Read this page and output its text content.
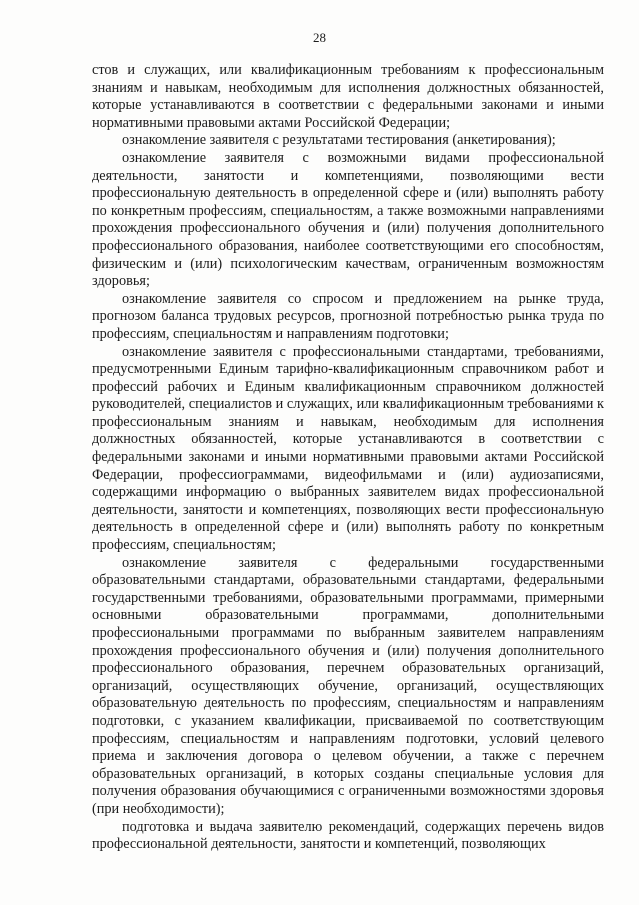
28

стов и служащих, или квалификационным требованиям к профессиональным знаниям и навыкам, необходимым для исполнения должностных обязанностей, которые устанавливаются в соответствии с федеральными законами и иными нормативными правовыми актами Российской Федерации;

ознакомление заявителя с результатами тестирования (анкетирования);

ознакомление заявителя с возможными видами профессиональной деятельности, занятости и компетенциями, позволяющими вести профессиональную деятельность в определенной сфере и (или) выполнять работу по конкретным профессиям, специальностям, а также возможными направлениями прохождения профессионального обучения и (или) получения дополнительного профессионального образования, наиболее соответствующими его способностям, физическим и (или) психологическим качествам, ограниченным возможностям здоровья;

ознакомление заявителя со спросом и предложением на рынке труда, прогнозом баланса трудовых ресурсов, прогнозной потребностью рынка труда по профессиям, специальностям и направлениям подготовки;

ознакомление заявителя с профессиональными стандартами, требованиями, предусмотренными Единым тарифно-квалификационным справочником работ и профессий рабочих и Единым квалификационным справочником должностей руководителей, специалистов и служащих, или квалификационным требованиями к профессиональным знаниям и навыкам, необходимым для исполнения должностных обязанностей, которые устанавливаются в соответствии с федеральными законами и иными нормативными правовыми актами Российской Федерации, профессиограммами, видеофильмами и (или) аудиозаписями, содержащими информацию о выбранных заявителем видах профессиональной деятельности, занятости и компетенциях, позволяющих вести профессиональную деятельность в определенной сфере и (или) выполнять работу по конкретным профессиям, специальностям;

ознакомление заявителя с федеральными государственными образовательными стандартами, образовательными стандартами, федеральными государственными требованиями, образовательными программами, примерными основными образовательными программами, дополнительными профессиональными программами по выбранным заявителем направлениям прохождения профессионального обучения и (или) получения дополнительного профессионального образования, перечнем образовательных организаций, организаций, осуществляющих обучение, организаций, осуществляющих образовательную деятельность по профессиям, специальностям и направлениям подготовки, с указанием квалификации, присваиваемой по соответствующим профессиям, специальностям и направлениям подготовки, условий целевого приема и заключения договора о целевом обучении, а также с перечнем образовательных организаций, в которых созданы специальные условия для получения образования обучающимися с ограниченными возможностями здоровья (при необходимости);

подготовка и выдача заявителю рекомендаций, содержащих перечень видов профессиональной деятельности, занятости и компетенций, позволяющих
